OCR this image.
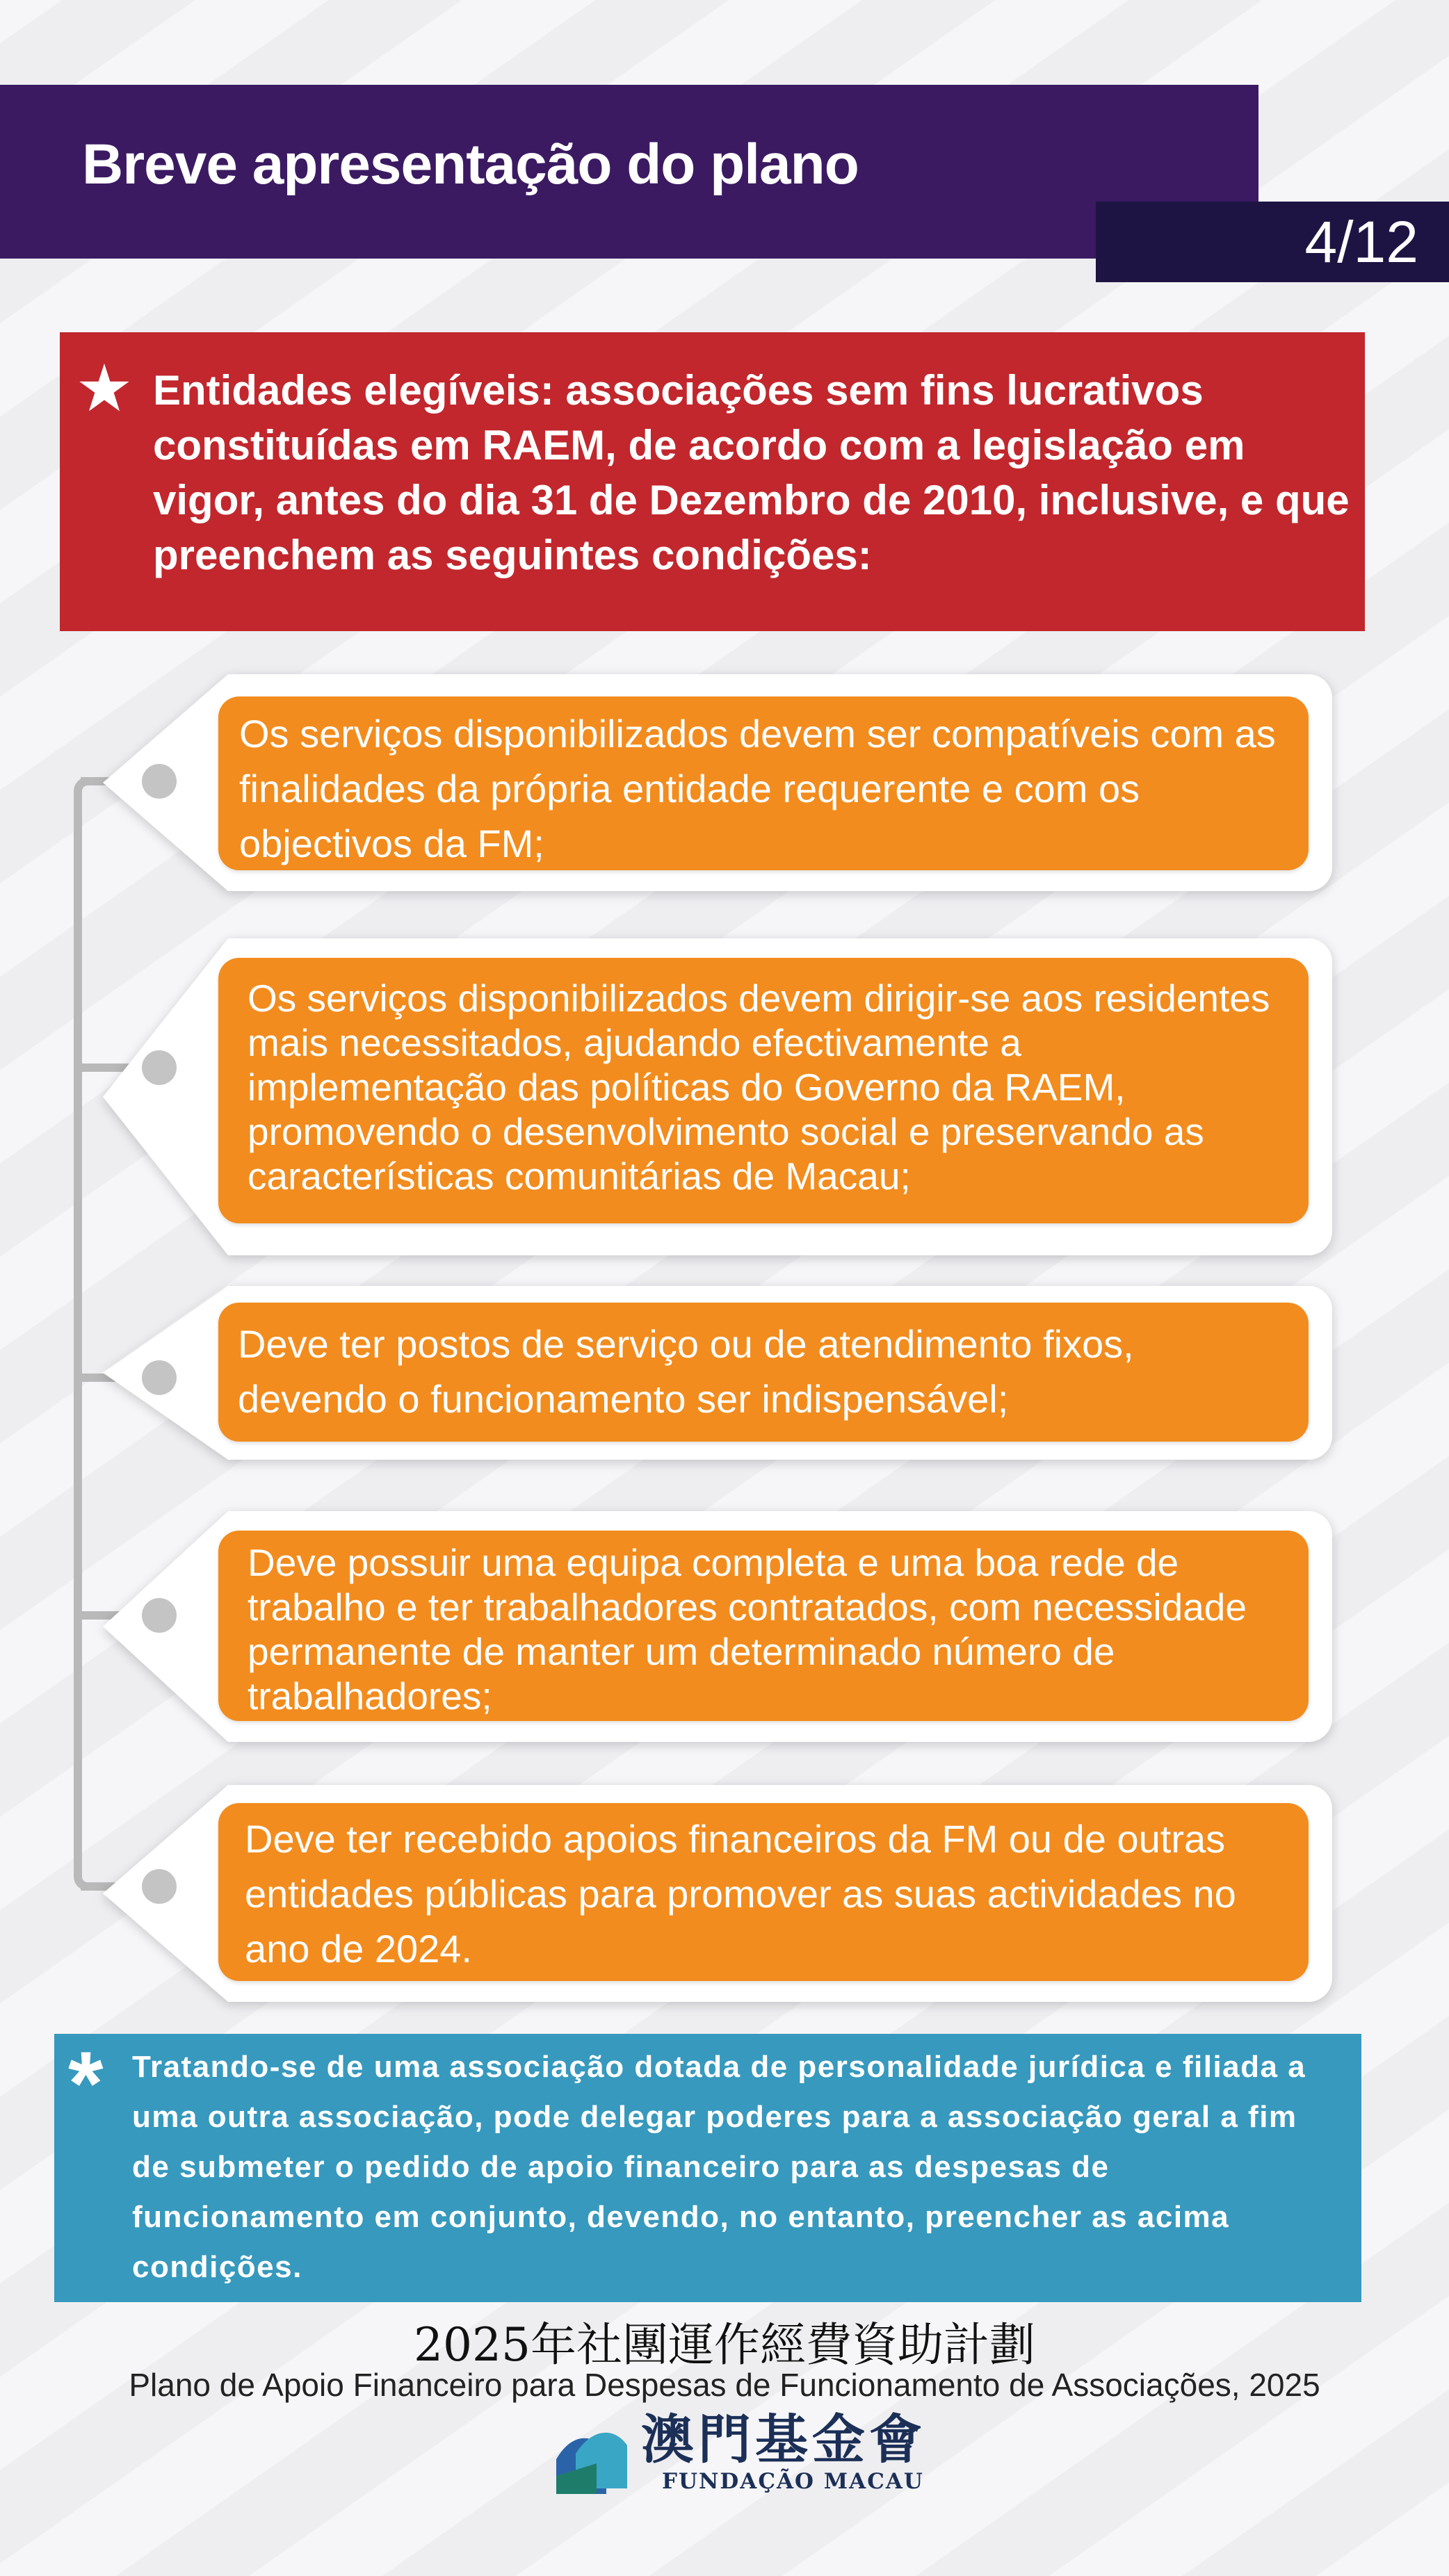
Breve apresentação do plano
4/12
Entidades elegíveis: associações sem fins lucrativos constituídas em RAEM, de acordo com a legislação em vigor, antes do dia 31 de Dezembro de 2010, inclusive, e que preenchem as seguintes condições:
Os serviços disponibilizados devem ser compatíveis com as finalidades da própria entidade requerente e com os objectivos da FM;
Os serviços disponibilizados devem dirigir-se aos residentes mais necessitados, ajudando efectivamente a implementação das políticas do Governo da RAEM, promovendo o desenvolvimento social e preservando as características comunitárias de Macau;
Deve ter postos de serviço ou de atendimento fixos, devendo o funcionamento ser indispensável;
Deve possuir uma equipa completa e uma boa rede de trabalho e ter trabalhadores contratados, com necessidade permanente de manter um determinado número de trabalhadores;
Deve ter recebido apoios financeiros da FM ou de outras entidades públicas para promover as suas actividades no ano de 2024.
* Tratando-se de uma associação dotada de personalidade jurídica e filiada a uma outra associação, pode delegar poderes para a associação geral a fim de submeter o pedido de apoio financeiro para as despesas de funcionamento em conjunto, devendo, no entanto, preencher as acima condições.
2025年社團運作經費資助計劃
Plano de Apoio Financeiro para Despesas de Funcionamento de Associações, 2025
澳門基金會
FUNDAÇÃO MACAU
